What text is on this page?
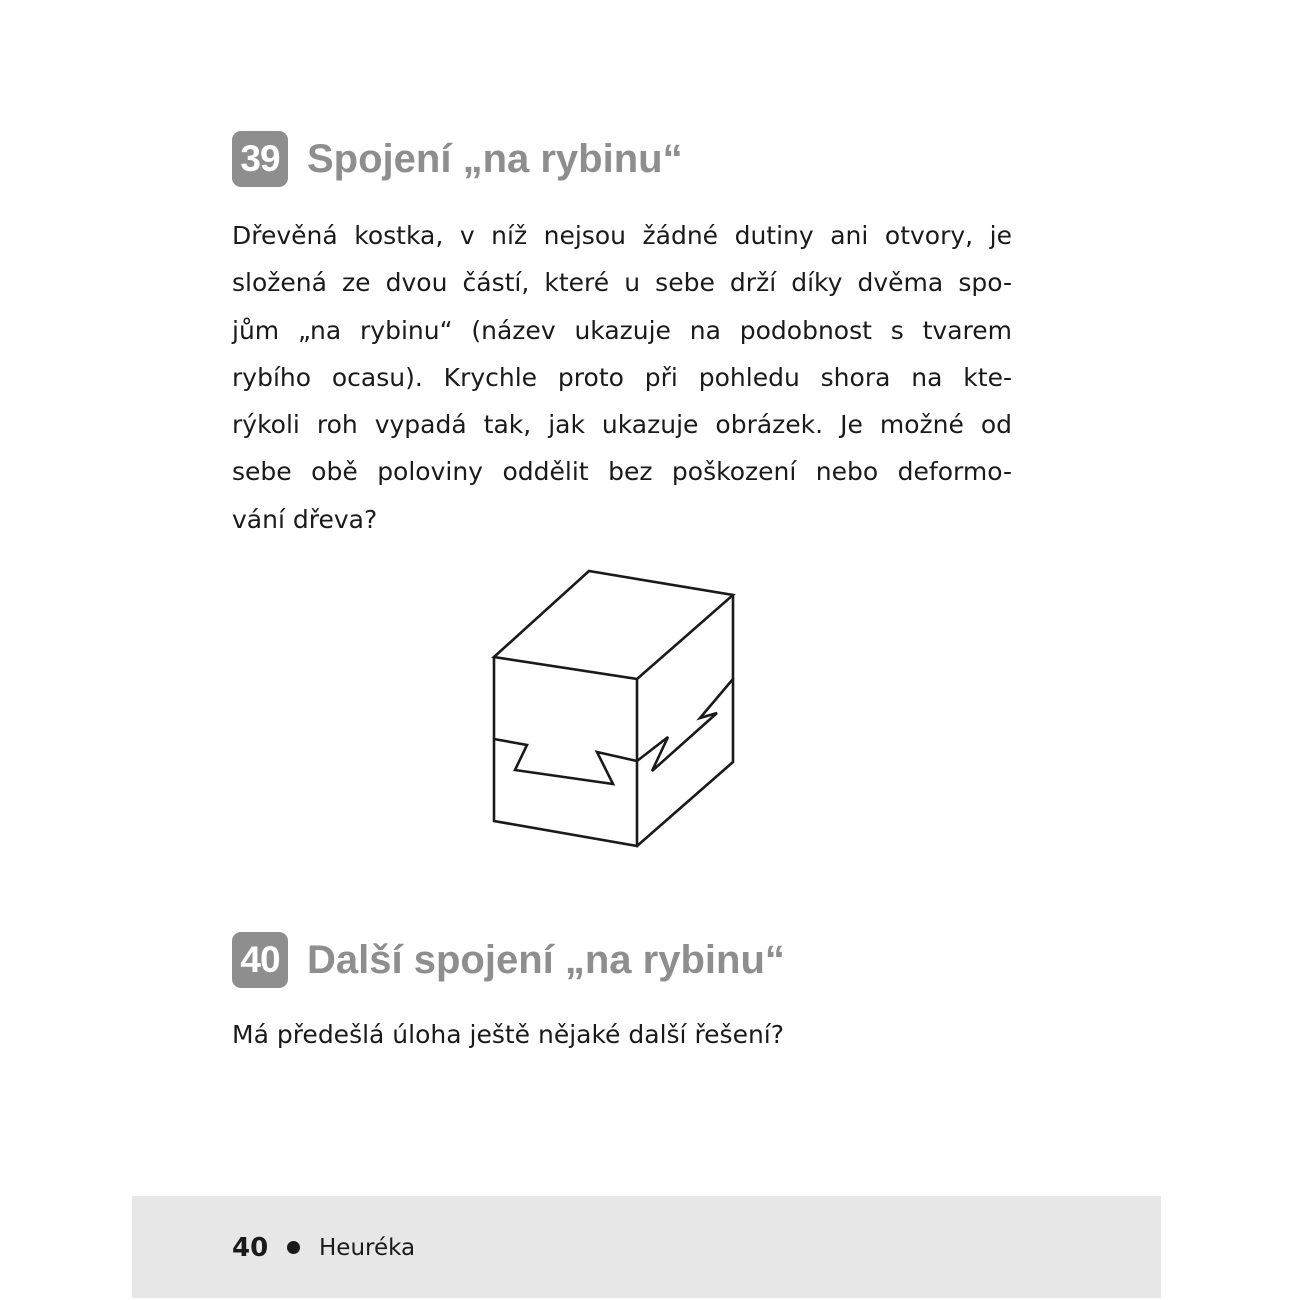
39 Spojení „na rybinu“
Dřevěná kostka, v níž nejsou žádné dutiny ani otvory, je
složená ze dvou částí, které u sebe drží díky dvěma spo-
jům „na rybinu“ (název ukazuje na podobnost s tvarem
rybího ocasu). Krychle proto při pohledu shora na kte-
rýkoli roh vypadá tak, jak ukazuje obrázek. Je možné od
sebe obě poloviny oddělit bez poškození nebo deformo-
vání dřeva?
40 Další spojení „na rybinu“
Má předešlá úloha ještě nějaké další řešení?
40 Heuréka
